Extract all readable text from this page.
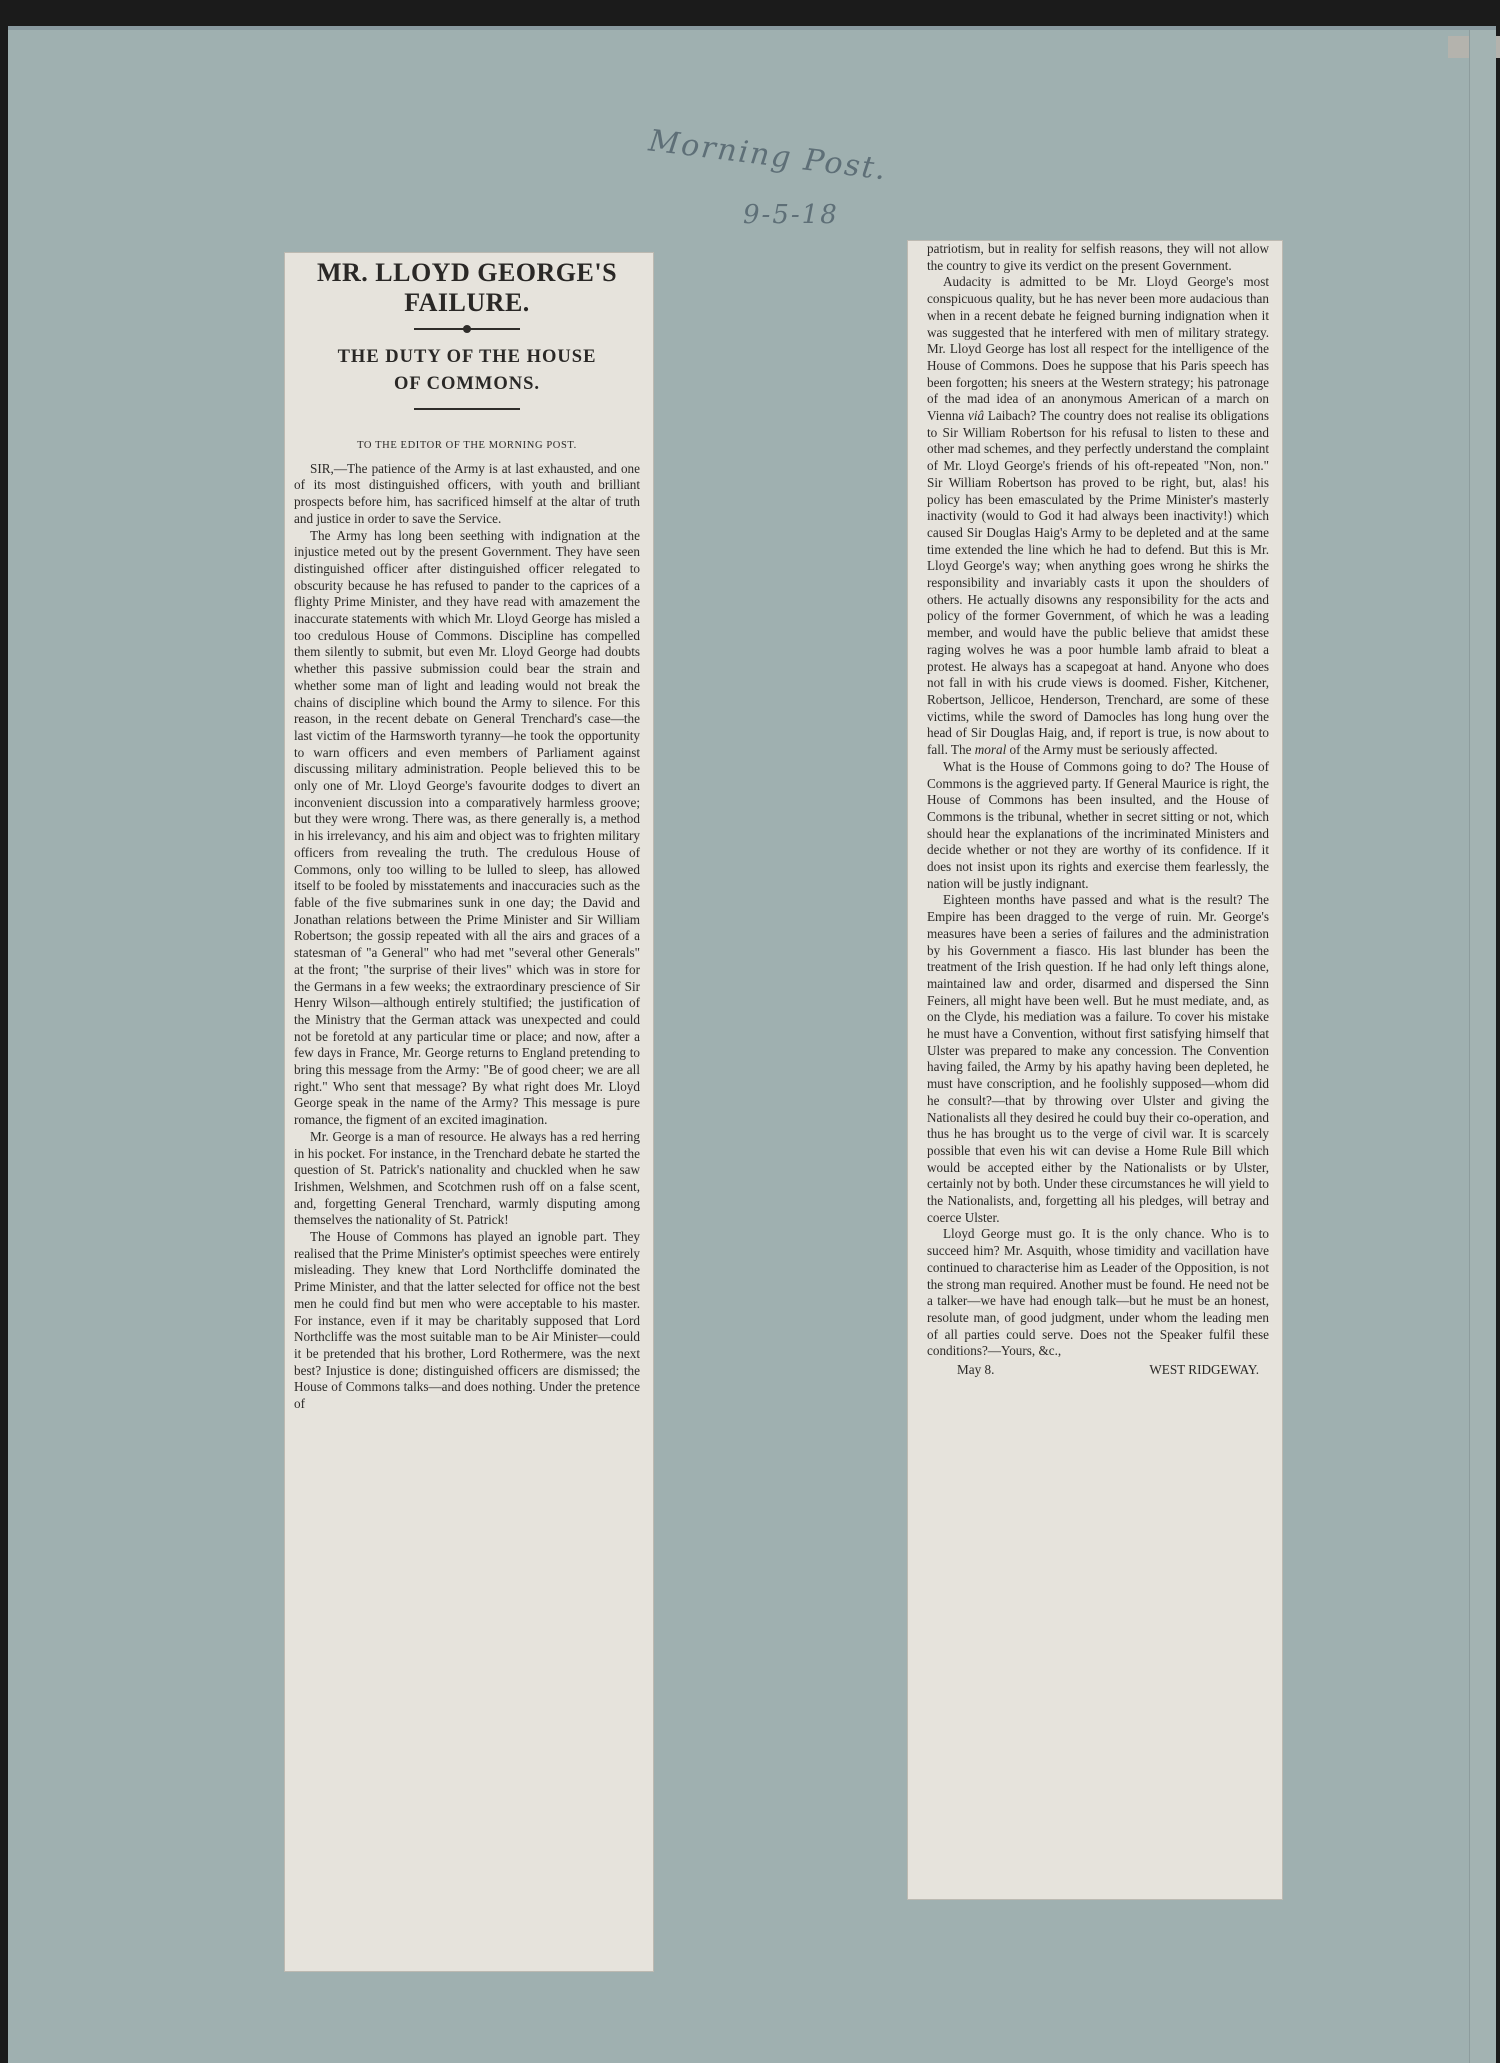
Morning Post.
9-5-18
MR. LLOYD GEORGE'S
FAILURE.
THE DUTY OF THE HOUSE
OF COMMONS.
TO THE EDITOR OF THE MORNING POST.

SIR,—The patience of the Army is at last exhausted, and one of its most distinguished officers, with youth and brilliant prospects before him, has sacrificed himself at the altar of truth and justice in order to save the Service.

The Army has long been seething with indignation at the injustice meted out by the present Government. They have seen distinguished officer after distinguished officer relegated to obscurity because he has refused to pander to the caprices of a flighty Prime Minister, and they have read with amazement the inaccurate statements with which Mr. Lloyd George has misled a too credulous House of Commons. Discipline has compelled them silently to submit, but even Mr. Lloyd George had doubts whether this passive submission could bear the strain and whether some man of light and leading would not break the chains of discipline which bound the Army to silence. For this reason, in the recent debate on General Trenchard's case—the last victim of the Harmsworth tyranny—he took the opportunity to warn officers and even members of Parliament against discussing military administration. People believed this to be only one of Mr. Lloyd George's favourite dodges to divert an inconvenient discussion into a comparatively harmless groove; but they were wrong. There was, as there generally is, a method in his irrelevancy, and his aim and object was to frighten military officers from revealing the truth. The credulous House of Commons, only too willing to be lulled to sleep, has allowed itself to be fooled by misstatements and inaccuracies such as the fable of the five submarines sunk in one day; the David and Jonathan relations between the Prime Minister and Sir William Robertson; the gossip repeated with all the airs and graces of a statesman of "a General" who had met "several other Generals" at the front; "the surprise of their lives" which was in store for the Germans in a few weeks; the extraordinary prescience of Sir Henry Wilson—although entirely stultified; the justification of the Ministry that the German attack was unexpected and could not be foretold at any particular time or place; and now, after a few days in France, Mr. George returns to England pretending to bring this message from the Army: "Be of good cheer; we are all right." Who sent that message? By what right does Mr. Lloyd George speak in the name of the Army? This message is pure romance, the figment of an excited imagination.

Mr. George is a man of resource. He always has a red herring in his pocket. For instance, in the Trenchard debate he started the question of St. Patrick's nationality and chuckled when he saw Irishmen, Welshmen, and Scotchmen rush off on a false scent, and, forgetting General Trenchard, warmly disputing among themselves the nationality of St. Patrick!

The House of Commons has played an ignoble part. They realised that the Prime Minister's optimist speeches were entirely misleading. They knew that Lord Northcliffe dominated the Prime Minister, and that the latter selected for office not the best men he could find but men who were acceptable to his master. For instance, even if it may be charitably supposed that Lord Northcliffe was the most suitable man to be Air Minister—could it be pretended that his brother, Lord Rothermere, was the next best? Injustice is done; distinguished officers are dismissed; the House of Commons talks—and does nothing. Under the pretence of

patriotism, but in reality for selfish reasons, they will not allow the country to give its verdict on the present Government.

Audacity is admitted to be Mr. Lloyd George's most conspicuous quality, but he has never been more audacious than when in a recent debate he feigned burning indignation when it was suggested that he interfered with men of military strategy. Mr. Lloyd George has lost all respect for the intelligence of the House of Commons. Does he suppose that his Paris speech has been forgotten; his sneers at the Western strategy; his patronage of the mad idea of an anonymous American of a march on Vienna viâ Laibach? The country does not realise its obligations to Sir William Robertson for his refusal to listen to these and other mad schemes, and they perfectly understand the complaint of Mr. Lloyd George's friends of his oft-repeated "Non, non." Sir William Robertson has proved to be right, but, alas! his policy has been emasculated by the Prime Minister's masterly inactivity (would to God it had always been inactivity!) which caused Sir Douglas Haig's Army to be depleted and at the same time extended the line which he had to defend. But this is Mr. Lloyd George's way; when anything goes wrong he shirks the responsibility and invariably casts it upon the shoulders of others. He actually disowns any responsibility for the acts and policy of the former Government, of which he was a leading member, and would have the public believe that amidst these raging wolves he was a poor humble lamb afraid to bleat a protest. He always has a scapegoat at hand. Anyone who does not fall in with his crude views is doomed. Fisher, Kitchener, Robertson, Jellicoe, Henderson, Trenchard, are some of these victims, while the sword of Damocles has long hung over the head of Sir Douglas Haig, and, if report is true, is now about to fall. The moral of the Army must be seriously affected.

What is the House of Commons going to do? The House of Commons is the aggrieved party. If General Maurice is right, the House of Commons has been insulted, and the House of Commons is the tribunal, whether in secret sitting or not, which should hear the explanations of the incriminated Ministers and decide whether or not they are worthy of its confidence. If it does not insist upon its rights and exercise them fearlessly, the nation will be justly indignant.

Eighteen months have passed and what is the result? The Empire has been dragged to the verge of ruin. Mr. George's measures have been a series of failures and the administration by his Government a fiasco. His last blunder has been the treatment of the Irish question. If he had only left things alone, maintained law and order, disarmed and dispersed the Sinn Feiners, all might have been well. But he must mediate, and, as on the Clyde, his mediation was a failure. To cover his mistake he must have a Convention, without first satisfying himself that Ulster was prepared to make any concession. The Convention having failed, the Army by his apathy having been depleted, he must have conscription, and he foolishly supposed—whom did he consult?—that by throwing over Ulster and giving the Nationalists all they desired he could buy their co-operation, and thus he has brought us to the verge of civil war. It is scarcely possible that even his wit can devise a Home Rule Bill which would be accepted either by the Nationalists or by Ulster, certainly not by both. Under these circumstances he will yield to the Nationalists, and, forgetting all his pledges, will betray and coerce Ulster.

Lloyd George must go. It is the only chance. Who is to succeed him? Mr. Asquith, whose timidity and vacillation have continued to characterise him as Leader of the Opposition, is not the strong man required. Another must be found. He need not be a talker—we have had enough talk—but he must be an honest, resolute man, of good judgment, under whom the leading men of all parties could serve. Does not the Speaker fulfil these conditions?—Yours, &c.,

May 8.	WEST RIDGEWAY.
